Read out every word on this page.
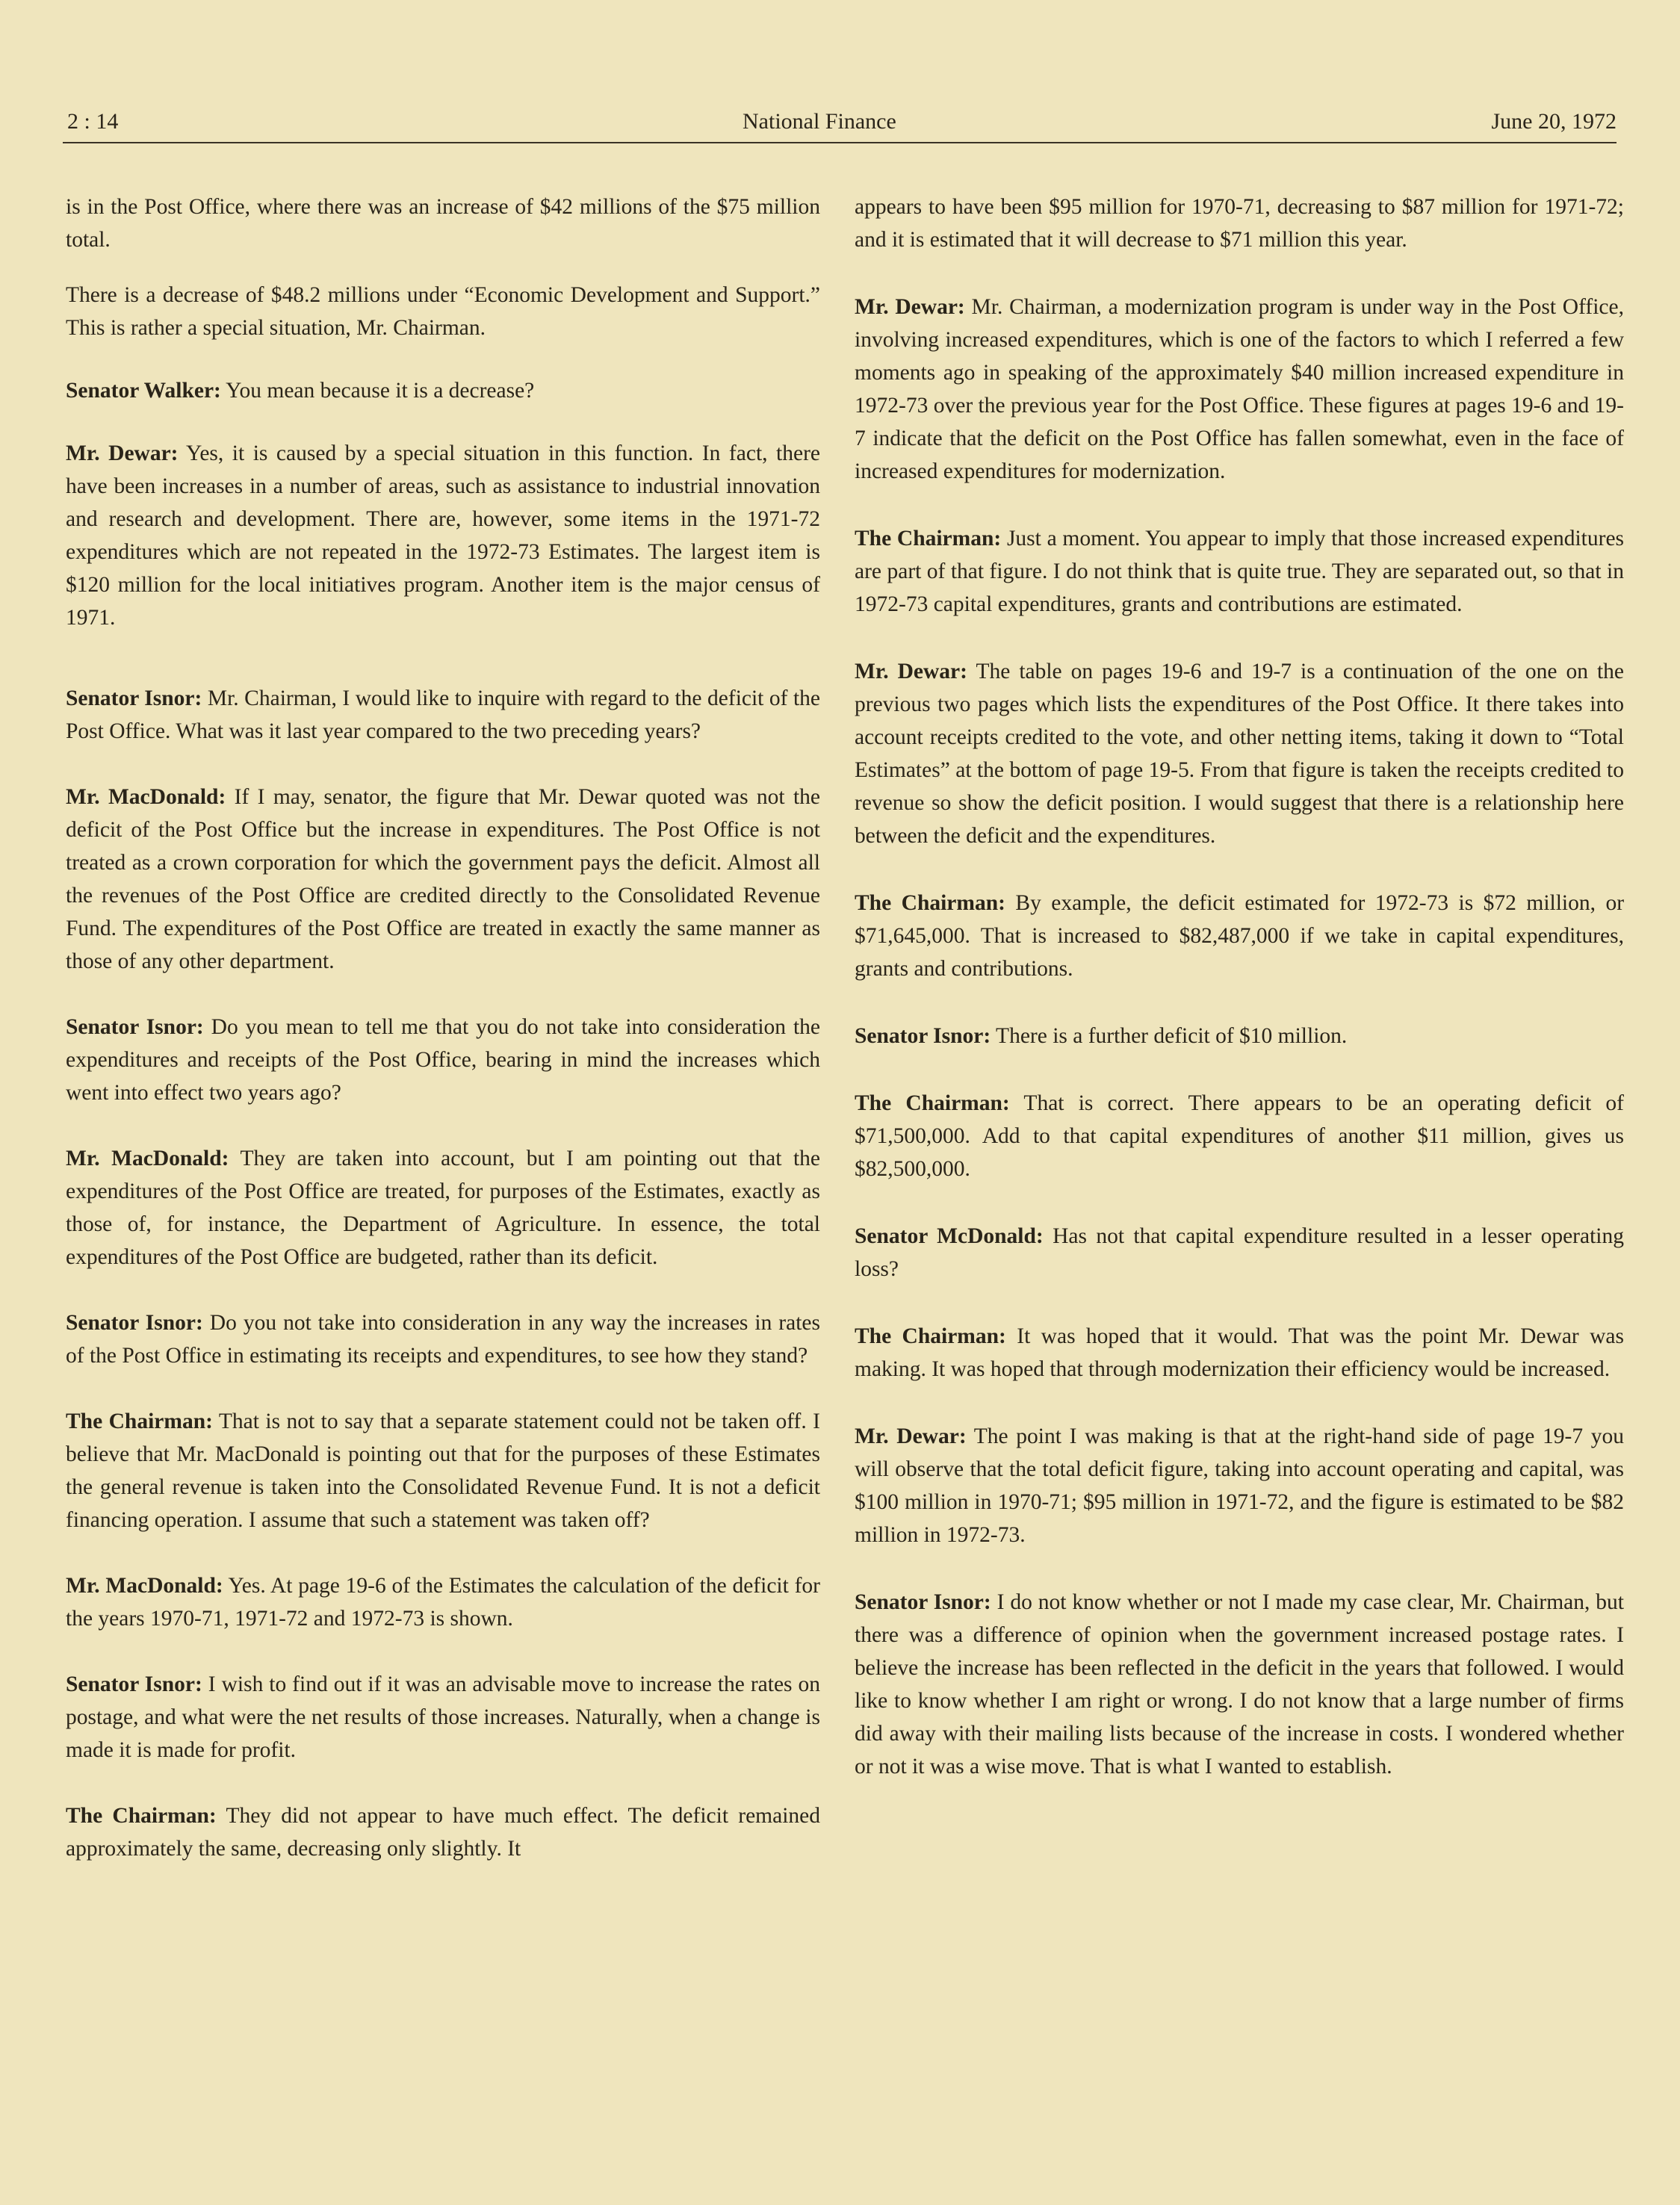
2 : 14	National Finance	June 20, 1972

is in the Post Office, where there was an increase of $42 millions of the $75 million total.

There is a decrease of $48.2 millions under “Economic Development and Support.” This is rather a special situation, Mr. Chairman.

Senator Walker: You mean because it is a decrease?

Mr. Dewar: Yes, it is caused by a special situation in this function. In fact, there have been increases in a number of areas, such as assistance to industrial innovation and research and development. There are, however, some items in the 1971-72 expenditures which are not repeated in the 1972-73 Estimates. The largest item is $120 million for the local initiatives program. Another item is the major census of 1971.

Senator Isnor: Mr. Chairman, I would like to inquire with regard to the deficit of the Post Office. What was it last year compared to the two preceding years?

Mr. MacDonald: If I may, senator, the figure that Mr. Dewar quoted was not the deficit of the Post Office but the increase in expenditures. The Post Office is not treated as a crown corporation for which the government pays the deficit. Almost all the revenues of the Post Office are credited directly to the Consolidated Revenue Fund. The expenditures of the Post Office are treated in exactly the same manner as those of any other department.

Senator Isnor: Do you mean to tell me that you do not take into consideration the expenditures and receipts of the Post Office, bearing in mind the increases which went into effect two years ago?

Mr. MacDonald: They are taken into account, but I am pointing out that the expenditures of the Post Office are treated, for purposes of the Estimates, exactly as those of, for instance, the Department of Agriculture. In essence, the total expenditures of the Post Office are budgeted, rather than its deficit.

Senator Isnor: Do you not take into consideration in any way the increases in rates of the Post Office in estimating its receipts and expenditures, to see how they stand?

The Chairman: That is not to say that a separate statement could not be taken off. I believe that Mr. MacDonald is pointing out that for the purposes of these Estimates the general revenue is taken into the Consolidated Revenue Fund. It is not a deficit financing operation. I assume that such a statement was taken off?

Mr. MacDonald: Yes. At page 19-6 of the Estimates the calculation of the deficit for the years 1970-71, 1971-72 and 1972-73 is shown.

Senator Isnor: I wish to find out if it was an advisable move to increase the rates on postage, and what were the net results of those increases. Naturally, when a change is made it is made for profit.

The Chairman: They did not appear to have much effect. The deficit remained approximately the same, decreasing only slightly. It

appears to have been $95 million for 1970-71, decreasing to $87 million for 1971-72; and it is estimated that it will decrease to $71 million this year.

Mr. Dewar: Mr. Chairman, a modernization program is under way in the Post Office, involving increased expenditures, which is one of the factors to which I referred a few moments ago in speaking of the approximately $40 million increased expenditure in 1972-73 over the previous year for the Post Office. These figures at pages 19-6 and 19-7 indicate that the deficit on the Post Office has fallen somewhat, even in the face of increased expenditures for modernization.

The Chairman: Just a moment. You appear to imply that those increased expenditures are part of that figure. I do not think that is quite true. They are separated out, so that in 1972-73 capital expenditures, grants and contributions are estimated.

Mr. Dewar: The table on pages 19-6 and 19-7 is a continuation of the one on the previous two pages which lists the expenditures of the Post Office. It there takes into account receipts credited to the vote, and other netting items, taking it down to “Total Estimates” at the bottom of page 19-5. From that figure is taken the receipts credited to revenue so show the deficit position. I would suggest that there is a relationship here between the deficit and the expenditures.

The Chairman: By example, the deficit estimated for 1972-73 is $72 million, or $71,645,000. That is increased to $82,487,000 if we take in capital expenditures, grants and contributions.

Senator Isnor: There is a further deficit of $10 million.

The Chairman: That is correct. There appears to be an operating deficit of $71,500,000. Add to that capital expenditures of another $11 million, gives us $82,500,000.

Senator McDonald: Has not that capital expenditure resulted in a lesser operating loss?

The Chairman: It was hoped that it would. That was the point Mr. Dewar was making. It was hoped that through modernization their efficiency would be increased.

Mr. Dewar: The point I was making is that at the right-hand side of page 19-7 you will observe that the total deficit figure, taking into account operating and capital, was $100 million in 1970-71; $95 million in 1971-72, and the figure is estimated to be $82 million in 1972-73.

Senator Isnor: I do not know whether or not I made my case clear, Mr. Chairman, but there was a difference of opinion when the government increased postage rates. I believe the increase has been reflected in the deficit in the years that followed. I would like to know whether I am right or wrong. I do not know that a large number of firms did away with their mailing lists because of the increase in costs. I wondered whether or not it was a wise move. That is what I wanted to establish.
